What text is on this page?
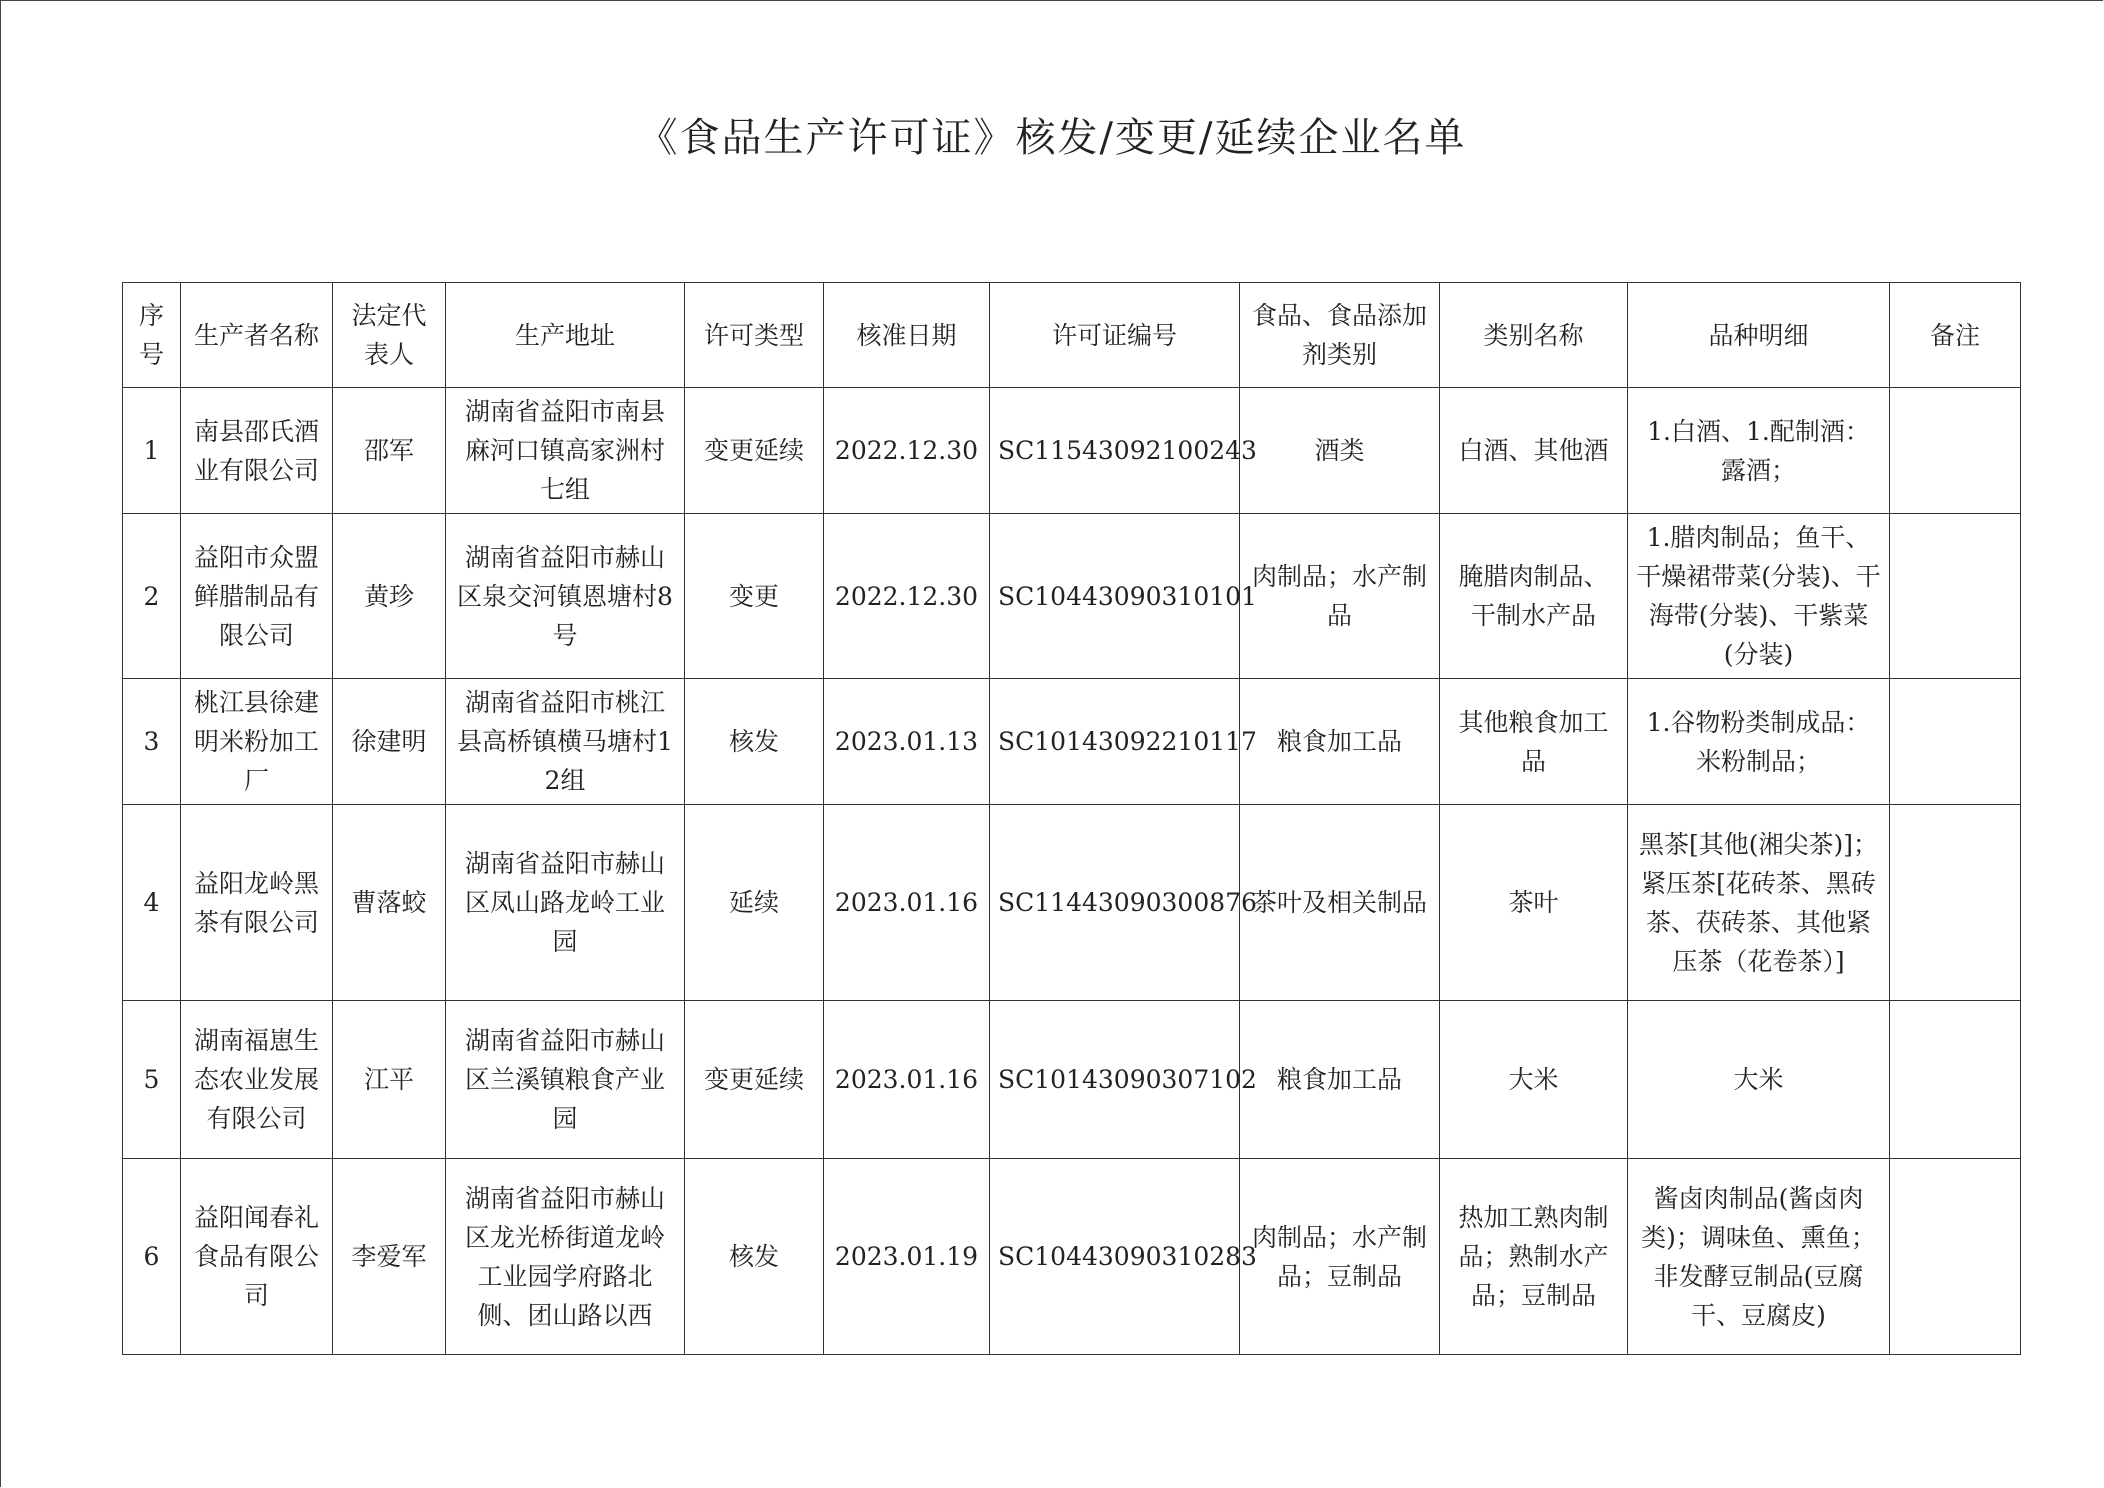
《食品生产许可证》核发/变更/延续企业名单
序号	生产者名称	法定代表人	生产地址	许可类型	核准日期	许可证编号	食品、食品添加剂类别	类别名称	品种明细	备注
1	南县邵氏酒业有限公司	邵军	湖南省益阳市南县麻河口镇高家洲村七组	变更延续	2022.12.30	SC11543092100243	酒类	白酒、其他酒	1.白酒、1.配制酒：露酒；	
2	益阳市众盟鲜腊制品有限公司	黄珍	湖南省益阳市赫山区泉交河镇恩塘村8号	变更	2022.12.30	SC10443090310101	肉制品；水产制品	腌腊肉制品、干制水产品	1.腊肉制品；鱼干、干燥裙带菜(分装)、干海带(分装)、干紫菜(分装)	
3	桃江县徐建明米粉加工厂	徐建明	湖南省益阳市桃江县高桥镇横马塘村12组	核发	2023.01.13	SC10143092210117	粮食加工品	其他粮食加工品	1.谷物粉类制成品：米粉制品；	
4	益阳龙岭黑茶有限公司	曹落蛟	湖南省益阳市赫山区凤山路龙岭工业园	延续	2023.01.16	SC11443090300876	茶叶及相关制品	茶叶	黑茶[其他(湘尖茶)]；紧压茶[花砖茶、黑砖茶、茯砖茶、其他紧压茶（花卷茶）]	
5	湖南福崽生态农业发展有限公司	江平	湖南省益阳市赫山区兰溪镇粮食产业园	变更延续	2023.01.16	SC10143090307102	粮食加工品	大米	大米	
6	益阳闻春礼食品有限公司	李爱军	湖南省益阳市赫山区龙光桥街道龙岭工业园学府路北侧、团山路以西	核发	2023.01.19	SC10443090310283	肉制品；水产制品；豆制品	热加工熟肉制品；熟制水产品；豆制品	酱卤肉制品(酱卤肉类)；调味鱼、熏鱼；非发酵豆制品(豆腐干、豆腐皮)	
